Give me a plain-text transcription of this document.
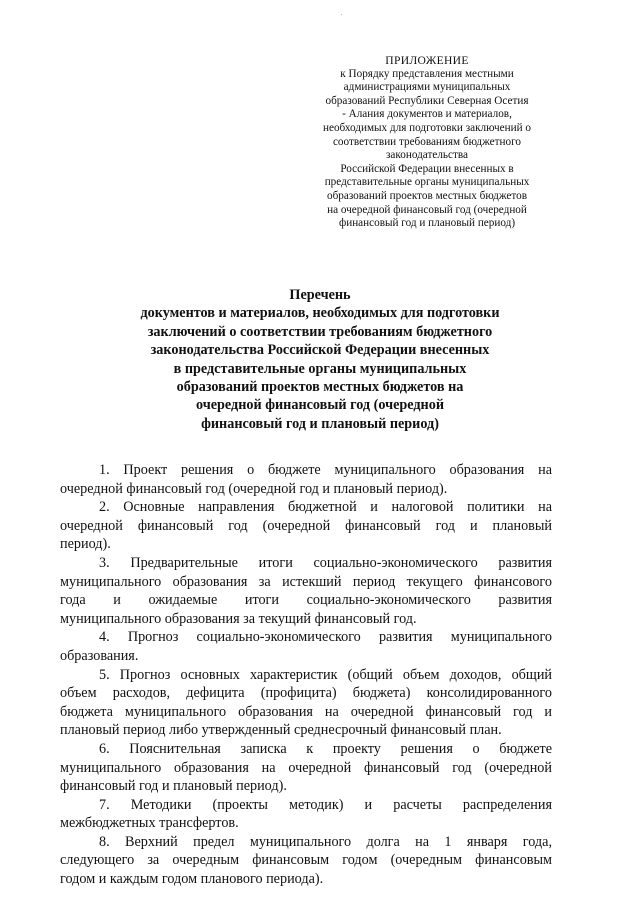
ПРИЛОЖЕНИЕ
к Порядку представления местными
администрациями муниципальных
образований Республики Северная Осетия
- Алания документов и материалов,
необходимых для подготовки заключений о
соответствии требованиям бюджетного
законодательства
Российской Федерации внесенных в
представительные органы муниципальных
образований проектов местных бюджетов
на очередной финансовый год (очередной
финансовый год и плановый период)
Перечень
документов и материалов, необходимых для подготовки
заключений о соответствии требованиям бюджетного
законодательства Российской Федерации внесенных
в представительные органы муниципальных
образований проектов местных бюджетов на
очередной финансовый год (очередной
финансовый год и плановый период)
1. Проект решения о бюджете муниципального образования на
очередной финансовый год (очередной год и плановый период).
2. Основные направления бюджетной и налоговой политики на
очередной финансовый год (очередной финансовый год и плановый
период).
3. Предварительные итоги социально-экономического развития
муниципального образования за истекший период текущего финансового
года и ожидаемые итоги социально-экономического развития
муниципального образования за текущий финансовый год.
4. Прогноз социально-экономического развития муниципального
образования.
5. Прогноз основных характеристик (общий объем доходов, общий
объем расходов, дефицита (профицита) бюджета) консолидированного
бюджета муниципального образования на очередной финансовый год и
плановый период либо утвержденный среднесрочный финансовый план.
6. Пояснительная записка к проекту решения о бюджете
муниципального образования на очередной финансовый год (очередной
финансовый год и плановый период).
7. Методики (проекты методик) и расчеты распределения
межбюджетных трансфертов.
8. Верхний предел муниципального долга на 1 января года,
следующего за очередным финансовым годом (очередным финансовым
годом и каждым годом планового периода).
